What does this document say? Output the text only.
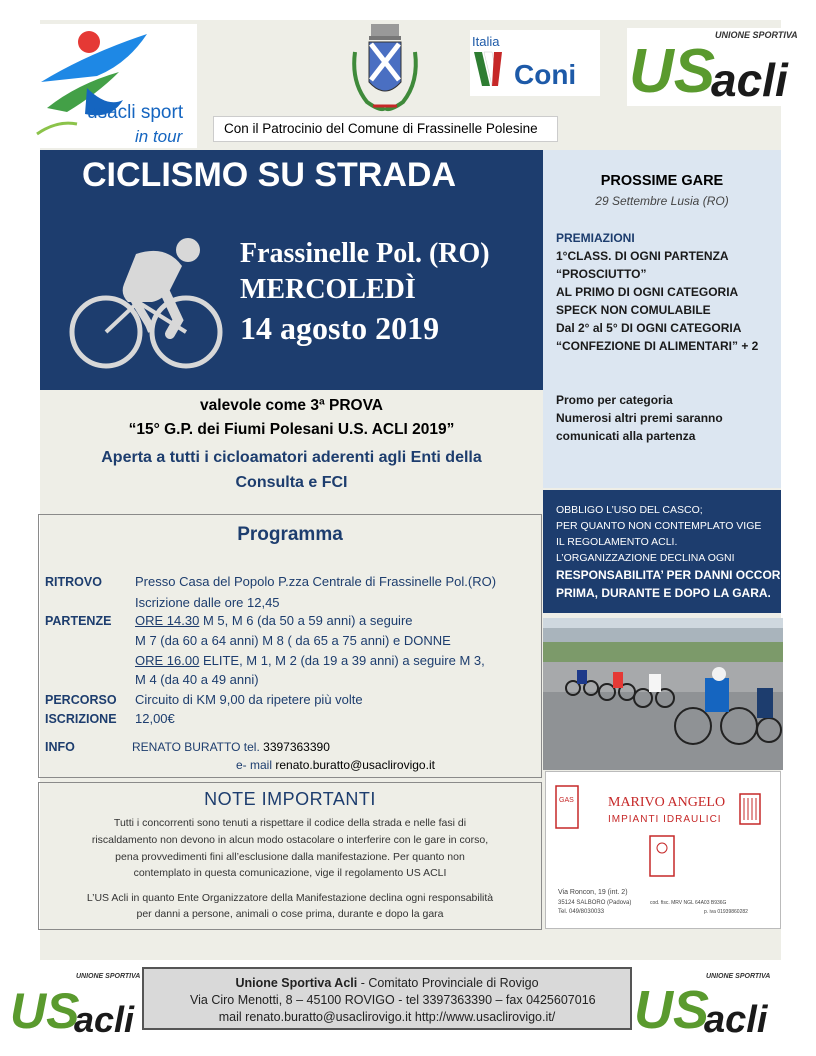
usacli sport
in tour
Italia
Coni
UNIONE SPORTIVA
US
acli
Con il Patrocinio del Comune di Frassinelle Polesine
CICLISMO SU STRADA
Frassinelle Pol. (RO)
MERCOLEDÌ
14 agosto 2019
PROSSIME GARE
29 Settembre Lusia (RO)
PREMIAZIONI
1°CLASS. DI OGNI PARTENZA
“PROSCIUTTO”
AL PRIMO DI OGNI CATEGORIA
SPECK NON COMULABILE
Dal 2° al 5° DI OGNI CATEGORIA
“CONFEZIONE DI ALIMENTARI” + 2
Promo per categoria
Numerosi altri premi saranno
comunicati alla partenza
OBBLIGO L’USO DEL CASCO;
PER QUANTO NON CONTEMPLATO VIGE
IL REGOLAMENTO ACLI.
L’ORGANIZZAZIONE DECLINA OGNI
RESPONSABILITA’ PER DANNI OCCORSI
PRIMA, DURANTE E DOPO LA GARA.
GAS MARIVO ANGELO
IMPIANTI IDRAULICI
Via Roncon, 19 (int. 2)
35124 SALBORO (Padova)
Tel. 049/8030033
cod. fisc. MRV NGL 64A03 B936G
p. iva 01939860282
valevole come 3ª PROVA
“15° G.P. dei Fiumi Polesani U.S. ACLI 2019”
Aperta a tutti i cicloamatori aderenti agli Enti della
Consulta e FCI
Programma
RITROVO	Presso Casa del Popolo P.zza Centrale di Frassinelle Pol.(RO)
Iscrizione dalle ore 12,45
PARTENZE ORE 14.30 M 5, M 6 (da 50 a 59 anni) a seguire
M 7 (da 60 a 64 anni) M 8 ( da 65 a 75 anni) e DONNE
ORE 16.00 ELITE, M 1, M 2 (da 19 a 39 anni) a seguire M 3,
M 4 (da 40 a 49 anni)
PERCORSO Circuito di KM 9,00 da ripetere più volte
ISCRIZIONE 12,00€
INFO	RENATO BURATTO tel. 3397363390
e- mail renato.buratto@usaclirovigo.it
NOTE IMPORTANTI
Tutti i concorrenti sono tenuti a rispettare il codice della strada e nelle fasi di
riscaldamento non devono in alcun modo ostacolare o interferire con le gare in corso,
pena provvedimenti fini all’esclusione dalla manifestazione. Per quanto non
contemplato in questa comunicazione, vige il regolamento US ACLI
L’US Acli in quanto Ente Organizzatore della Manifestazione declina ogni responsabilità
per danni a persone, animali o cose prima, durante e dopo la gara
UNIONE SPORTIVA
US
acli
Unione Sportiva Acli - Comitato Provinciale di Rovigo
Via Ciro Menotti, 8 – 45100 ROVIGO - tel 3397363390 – fax 0425607016
mail renato.buratto@usaclirovigo.it http://www.usaclirovigo.it/
UNIONE SPORTIVA
US
acli
